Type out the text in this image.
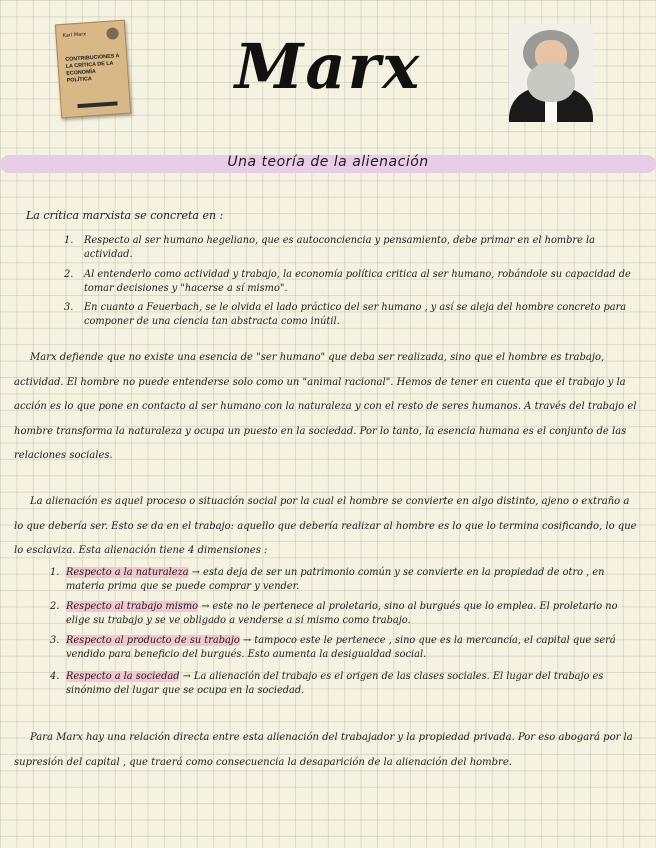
Karl Marx
CONTRIBUCIONES A LA CRÍTICA DE LA ECONOMÍA POLÍTICA	Marx
Una teoría de la alienación
La crítica marxista se concreta en :
1.	Respecto al ser humano hegeliano, que es autoconciencia y pensamiento, debe primar en el hombre la actividad.
2.	Al entenderlo como actividad y trabajo, la economía política critica al ser humano, robándole su capacidad de tomar decisiones y "hacerse a sí mismo".
3.	En cuanto a Feuerbach, se le olvida el lado práctico del ser humano , y así se aleja del hombre concreto para componer de una ciencia tan abstracta como inútil.
Marx defiende que no existe una esencia de "ser humano" que deba ser realizada, sino que el hombre es trabajo, actividad. El hombre no puede entenderse solo como un "animal racional". Hemos de tener en cuenta que el trabajo y la acción es lo que pone en contacto al ser humano con la naturaleza y con el resto de seres humanos. A través del trabajo el hombre transforma la naturaleza y ocupa un puesto en la sociedad. Por lo tanto, la esencia humana es el conjunto de las relaciones sociales.
La alienación es aquel proceso o situación social por la cual el hombre se convierte en algo distinto, ajeno o extraño a lo que debería ser. Esto se da en el trabajo: aquello que debería realizar al hombre es lo que lo termina cosificando, lo que lo esclaviza. Esta alienación tiene 4 dimensiones :
1. Respecto a la naturaleza → esta deja de ser un patrimonio común y se convierte en la propiedad de otro , en materia prima que se puede comprar y vender.
2. Respecto al trabajo mismo → este no le pertenece al proletario, sino al burgués que lo emplea. El proletario no elige su trabajo y se ve obligado a venderse a sí mismo como trabajo.
3. Respecto al producto de su trabajo → tampoco este le pertenece , sino que es la mercancía, el capital que será vendido para beneficio del burgués. Esto aumenta la desigualdad social.
4. Respecto a la sociedad → La alienación del trabajo es el origen de las clases sociales. El lugar del trabajo es sinónimo del lugar que se ocupa en la sociedad.
Para Marx hay una relación directa entre esta alienación del trabajador y la propiedad privada. Por eso abogará por la supresión del capital , que traerá como consecuencia la desaparición de la alienación del hombre.
